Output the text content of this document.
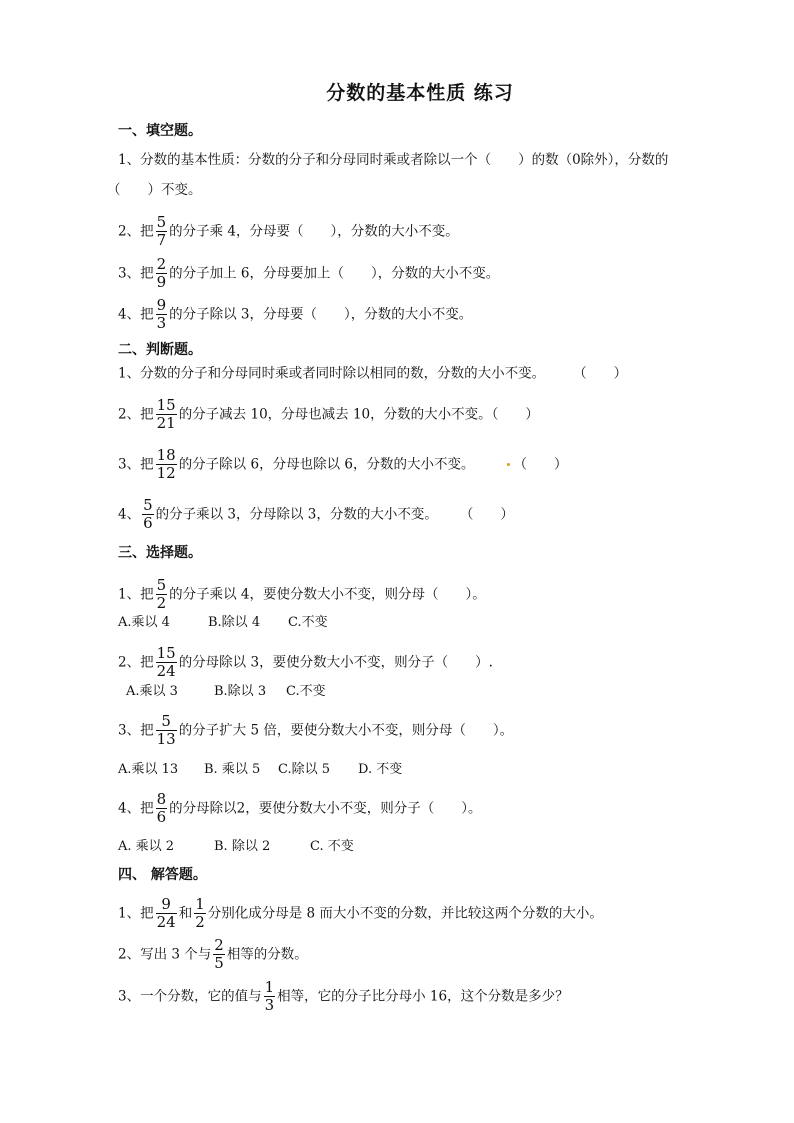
分数的基本性质 练习
一、填空题。
1、分数的基本性质：分数的分子和分母同时乘或者除以一个（　　）的数（0除外），分数的
（　　）不变。
2、把 $\frac{5}{7}$ 的分子乘 4，分母要（　　），分数的大小不变。
3、把 $\frac{2}{9}$ 的分子加上 6，分母要加上（　　），分数的大小不变。
4、把 $\frac{9}{3}$ 的分子除以 3，分母要（　　），分数的大小不变。
二、判断题。
1、分数的分子和分母同时乘或者同时除以相同的数，分数的大小不变。 （　　）
2、把 $\frac{15}{21}$ 的分子减去 10，分母也减去 10，分数的大小不变。（　　）
3、把 $\frac{18}{12}$ 的分子除以 6，分母也除以 6，分数的大小不变。	（　　）
4、 $\frac{5}{6}$ 的分子乘以 3，分母除以 3，分数的大小不变。 （　　）
三、选择题。
1、把 $\frac{5}{2}$ 的分子乘以 4，要使分数大小不变，则分母（　　）。
A.乘以 4	B.除以 4 C.不变
2、把 $\frac{15}{24}$ 的分母除以 3，要使分数大小不变，则分子（　　）.
A.乘以 3	B.除以 3 C.不变
3、把 $\frac{5}{13}$ 的分子扩大 5 倍，要使分数大小不变，则分母（　　）。
A.乘以 13 B. 乘以 5 C.除以 5 D. 不变
4、把 $\frac{8}{6}$ 的分母除以2，要使分数大小不变，则分子（　　）。
A. 乘以 2	B. 除以 2	C. 不变
四、 解答题。
1、把 $\frac{9}{24}$ 和 $\frac{1}{2}$ 分别化成分母是 8 而大小不变的分数，并比较这两个分数的大小。
2、写出 3 个与 $\frac{2}{5}$ 相等的分数。
3、一个分数，它的值与 $\frac{1}{3}$ 相等，它的分子比分母小 16，这个分数是多少？
